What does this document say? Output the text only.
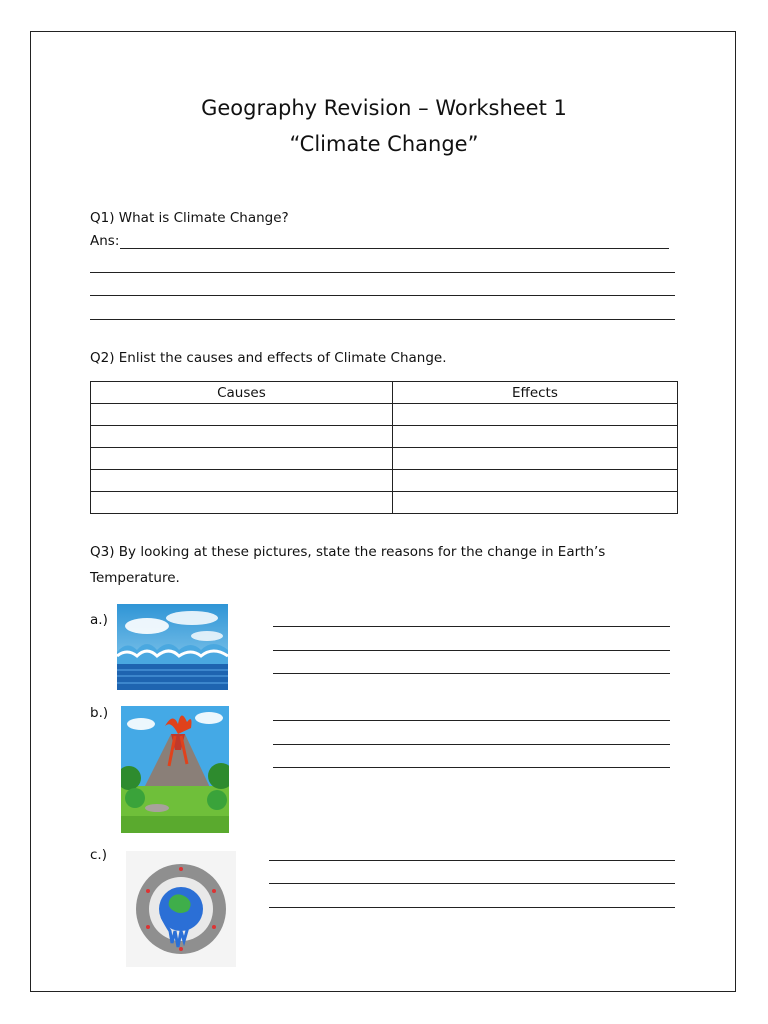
Geography Revision – Worksheet 1
“Climate Change”
Q1) What is Climate Change?
Ans:
Q2) Enlist the causes and effects of Climate Change.
Causes	Effects

Q3) By looking at these pictures, state the reasons for the change in Earth’s Temperature.
a.)
b.)
c.)
